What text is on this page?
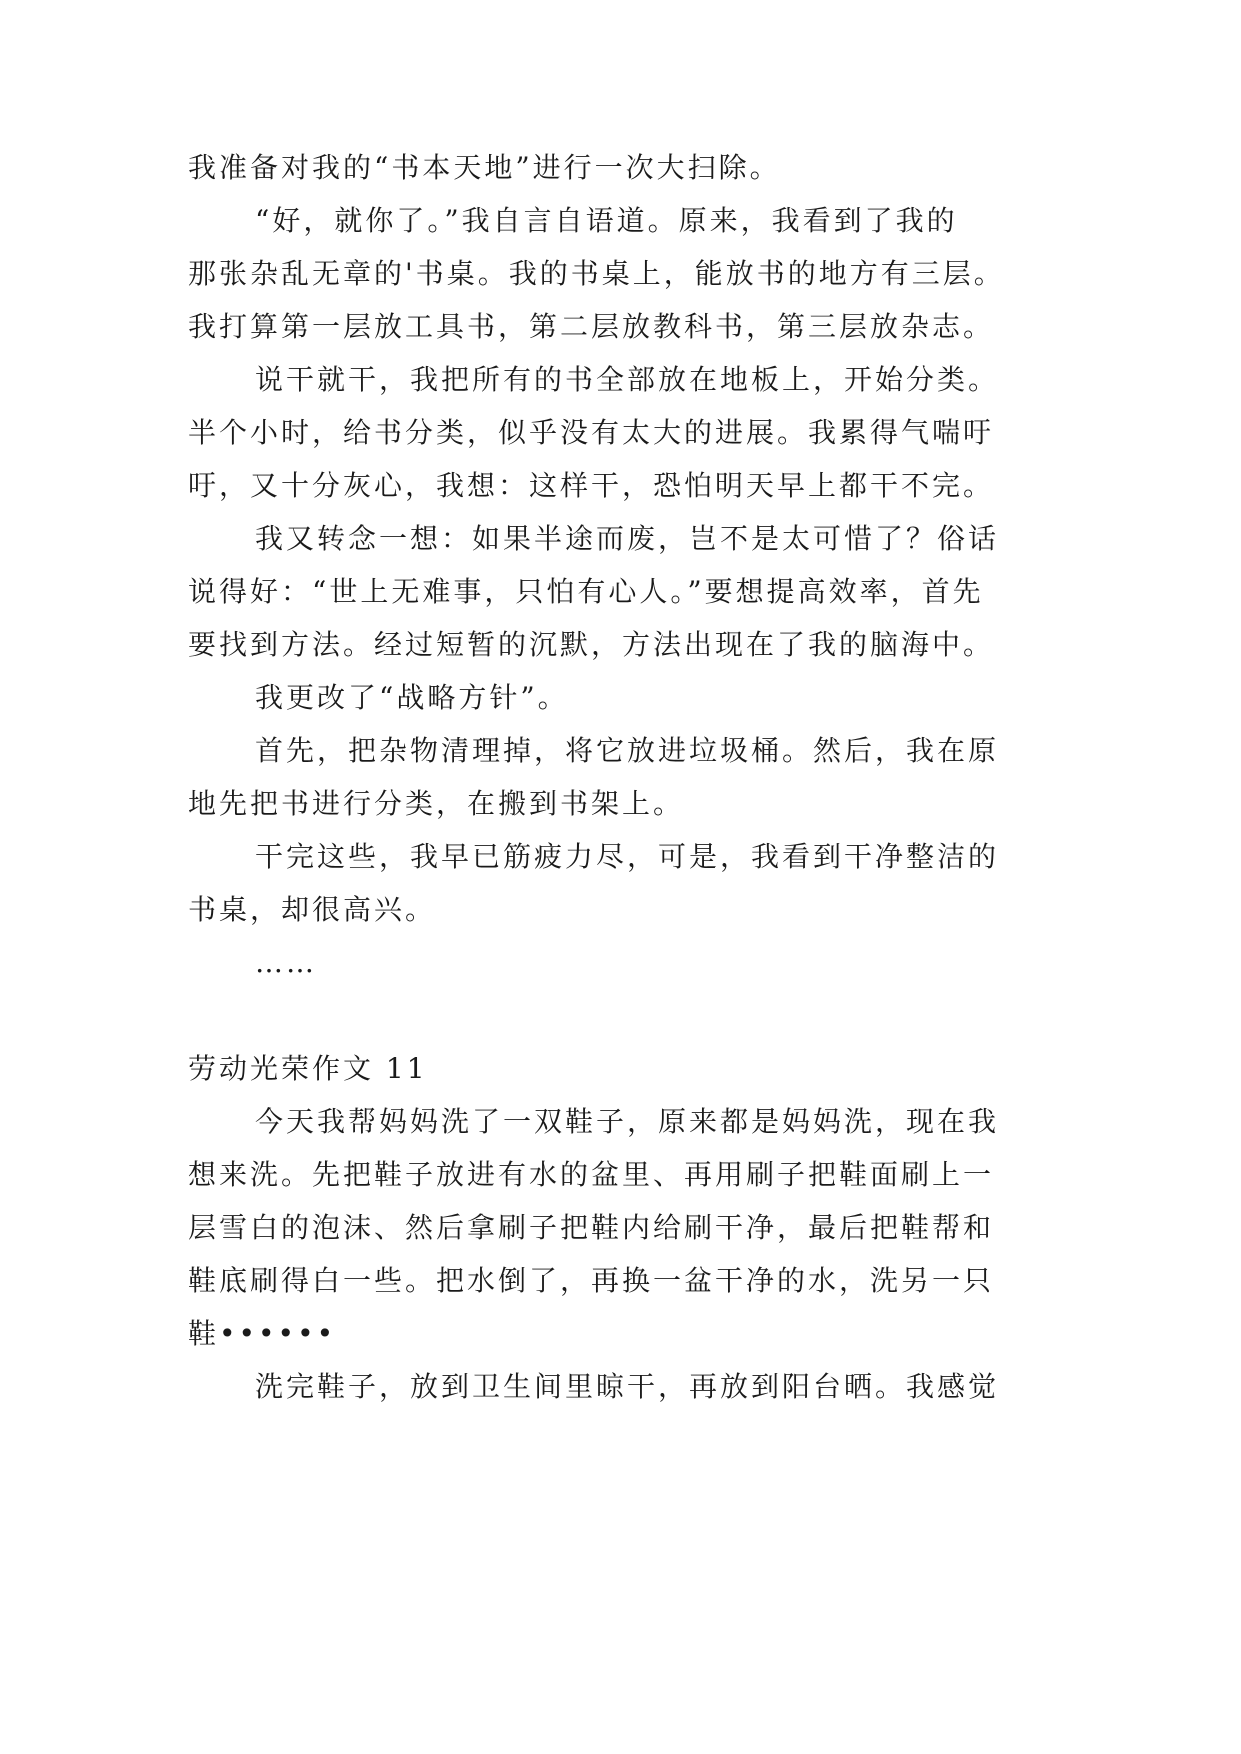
我准备对我的“书本天地”进行一次大扫除。
“好，就你了。”我自言自语道。原来，我看到了我的
那张杂乱无章的'书桌。我的书桌上，能放书的地方有三层。
我打算第一层放工具书，第二层放教科书，第三层放杂志。
说干就干，我把所有的书全部放在地板上，开始分类。
半个小时，给书分类，似乎没有太大的进展。我累得气喘吁
吁，又十分灰心，我想：这样干，恐怕明天早上都干不完。
我又转念一想：如果半途而废，岂不是太可惜了？俗话
说得好：“世上无难事，只怕有心人。”要想提高效率，首先
要找到方法。经过短暂的沉默，方法出现在了我的脑海中。
我更改了“战略方针”。
首先，把杂物清理掉，将它放进垃圾桶。然后，我在原
地先把书进行分类，在搬到书架上。
干完这些，我早已筋疲力尽，可是，我看到干净整洁的
书桌，却很高兴。
……
劳动光荣作文 11
今天我帮妈妈洗了一双鞋子，原来都是妈妈洗，现在我
想来洗。先把鞋子放进有水的盆里、再用刷子把鞋面刷上一
层雪白的泡沫、然后拿刷子把鞋内给刷干净，最后把鞋帮和
鞋底刷得白一些。把水倒了，再换一盆干净的水，洗另一只
鞋••••••
洗完鞋子，放到卫生间里晾干，再放到阳台晒。我感觉
